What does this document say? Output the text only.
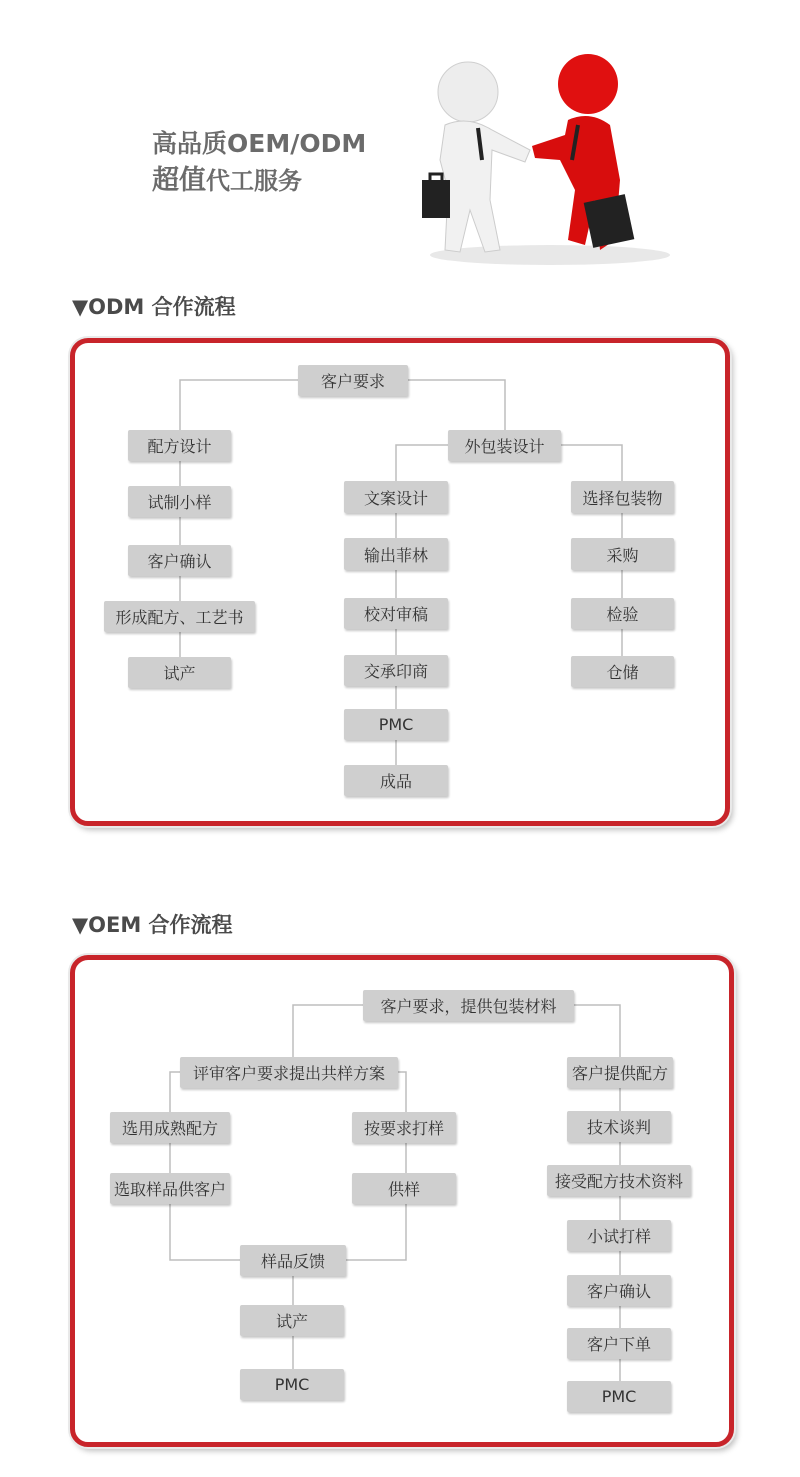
高品质OEM/ODM
超值代工服务
▼ODM 合作流程
客户要求
配方设计
试制小样
客户确认
形成配方、工艺书
试产
外包装设计
文案设计
输出菲林
校对审稿
交承印商
PMC
成品
选择包装物
采购
检验
仓储
▼OEM 合作流程
客户要求，提供包装材料
评审客户要求提出共样方案
选用成熟配方
选取样品供客户
按要求打样
供样
样品反馈
试产
PMC
客户提供配方
技术谈判
接受配方技术资料
小试打样
客户确认
客户下单
PMC
